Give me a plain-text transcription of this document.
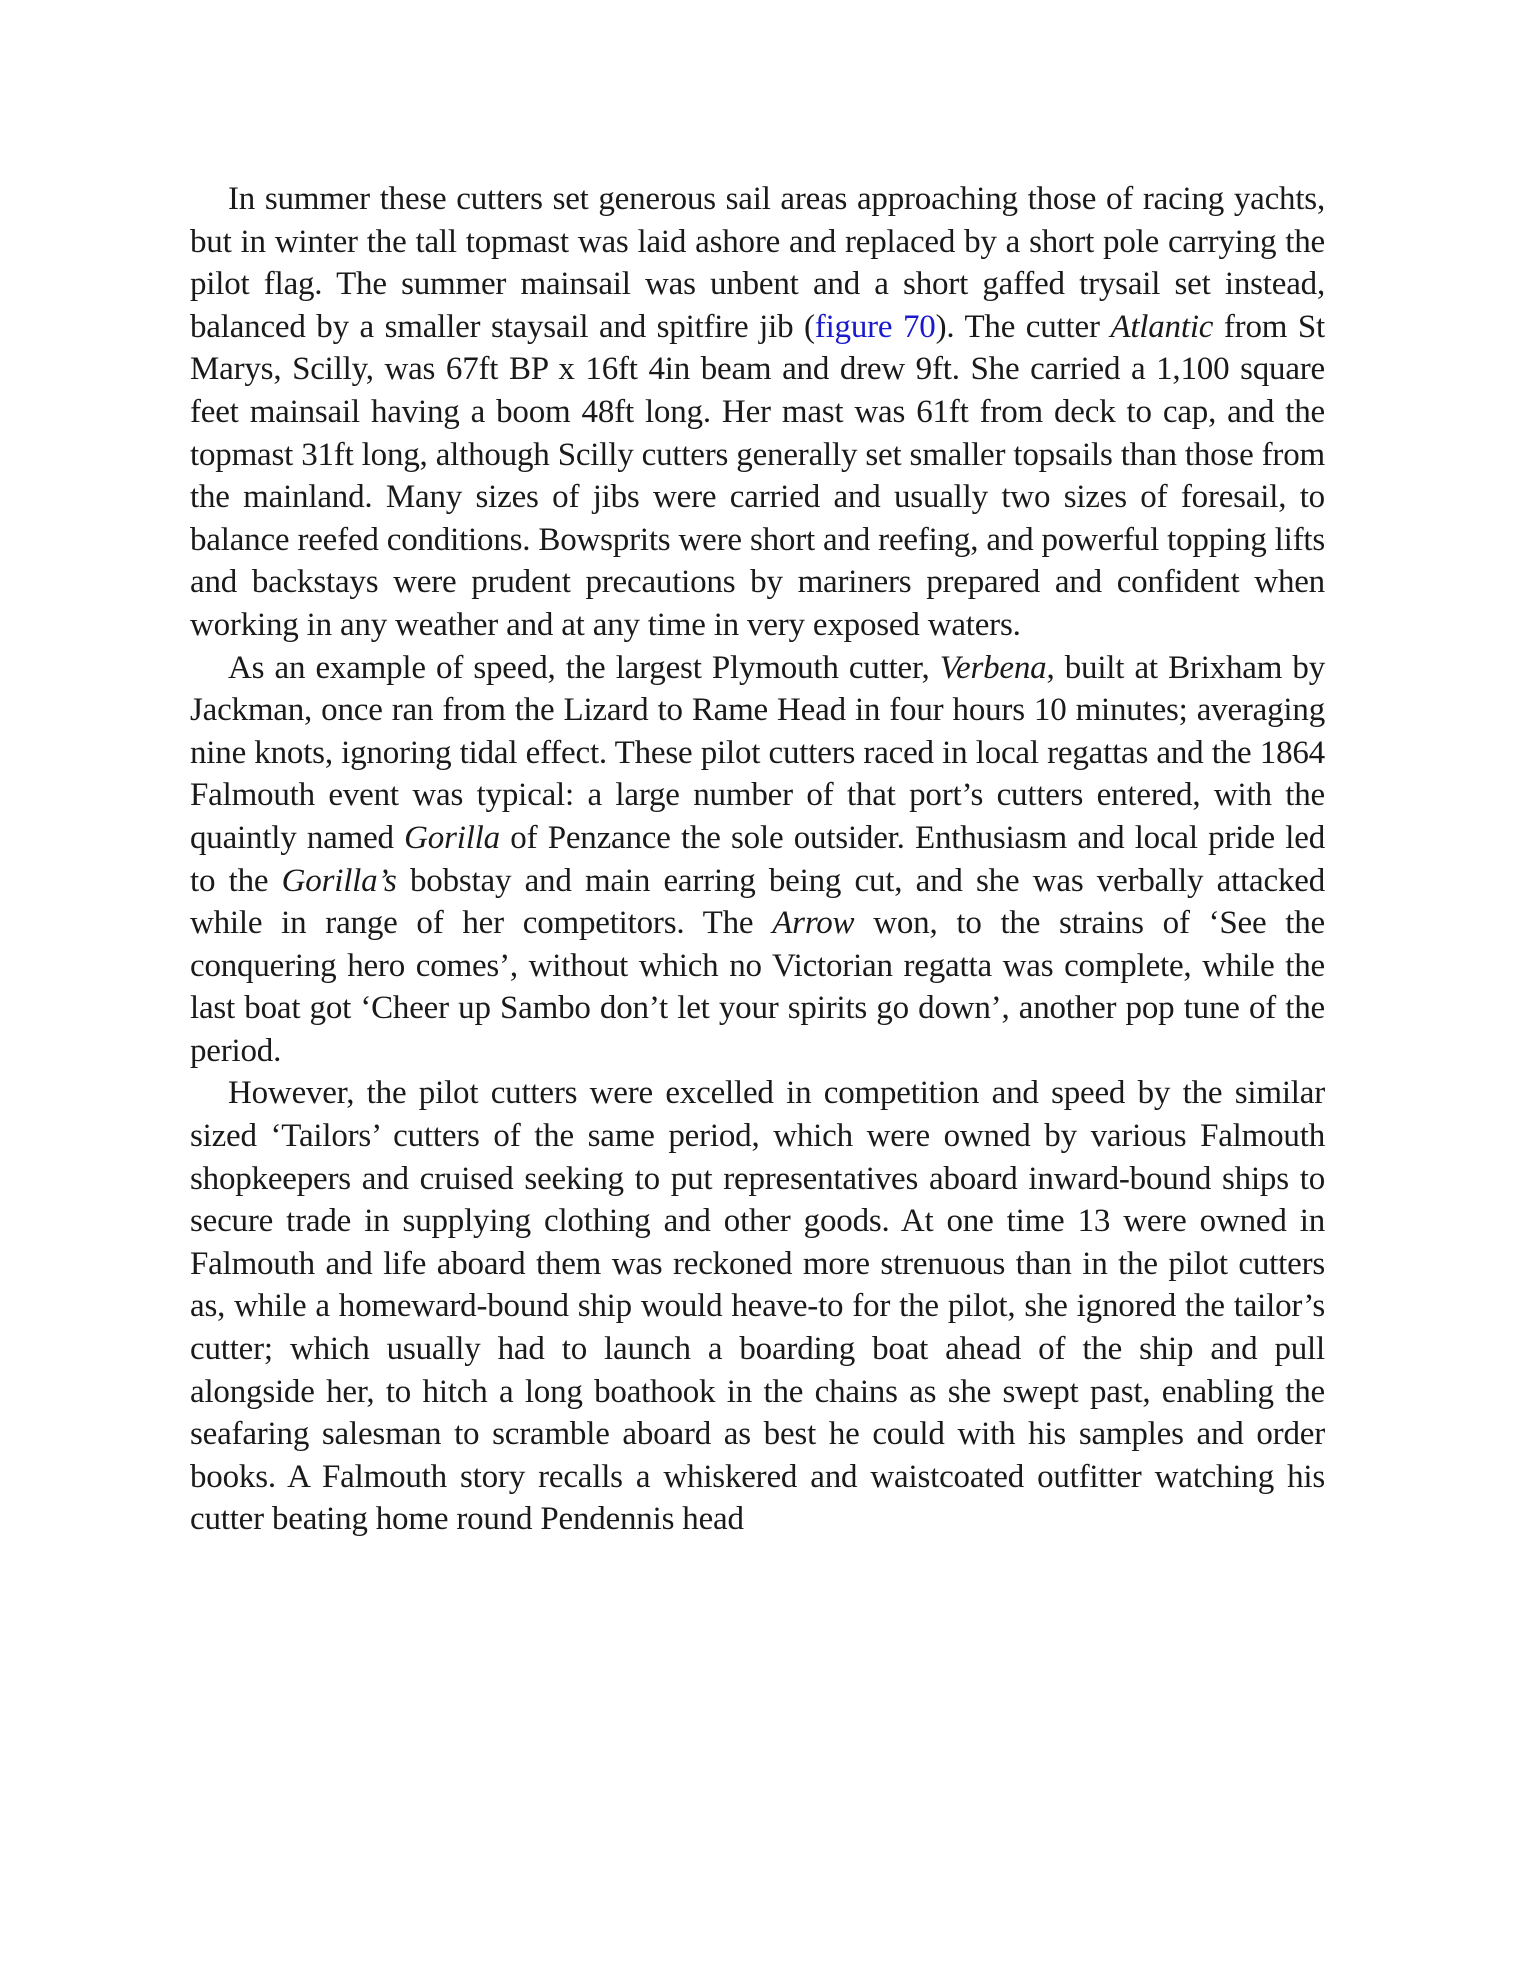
In summer these cutters set generous sail areas approaching those of racing yachts, but in winter the tall topmast was laid ashore and replaced by a short pole carrying the pilot flag. The summer mainsail was unbent and a short gaffed trysail set instead, balanced by a smaller staysail and spitfire jib (figure 70). The cutter Atlantic from St Marys, Scilly, was 67ft BP x 16ft 4in beam and drew 9ft. She carried a 1,100 square feet mainsail having a boom 48ft long. Her mast was 61ft from deck to cap, and the topmast 31ft long, although Scilly cutters generally set smaller topsails than those from the mainland. Many sizes of jibs were carried and usually two sizes of foresail, to balance reefed conditions. Bowsprits were short and reefing, and powerful topping lifts and backstays were prudent precautions by mariners prepared and confident when working in any weather and at any time in very exposed waters.

As an example of speed, the largest Plymouth cutter, Verbena, built at Brixham by Jackman, once ran from the Lizard to Rame Head in four hours 10 minutes; averaging nine knots, ignoring tidal effect. These pilot cutters raced in local regattas and the 1864 Falmouth event was typical: a large number of that port’s cutters entered, with the quaintly named Gorilla of Penzance the sole outsider. Enthusiasm and local pride led to the Gorilla’s bobstay and main earring being cut, and she was verbally attacked while in range of her competitors. The Arrow won, to the strains of ‘See the conquering hero comes’, without which no Victorian regatta was complete, while the last boat got ‘Cheer up Sambo don’t let your spirits go down’, another pop tune of the period.

However, the pilot cutters were excelled in competition and speed by the similar sized ‘Tailors’ cutters of the same period, which were owned by various Falmouth shopkeepers and cruised seeking to put representatives aboard inward-bound ships to secure trade in supplying clothing and other goods. At one time 13 were owned in Falmouth and life aboard them was reckoned more strenuous than in the pilot cutters as, while a homeward-bound ship would heave-to for the pilot, she ignored the tailor’s cutter; which usually had to launch a boarding boat ahead of the ship and pull alongside her, to hitch a long boathook in the chains as she swept past, enabling the seafaring salesman to scramble aboard as best he could with his samples and order books. A Falmouth story recalls a whiskered and waistcoated outfitter watching his cutter beating home round Pendennis head
